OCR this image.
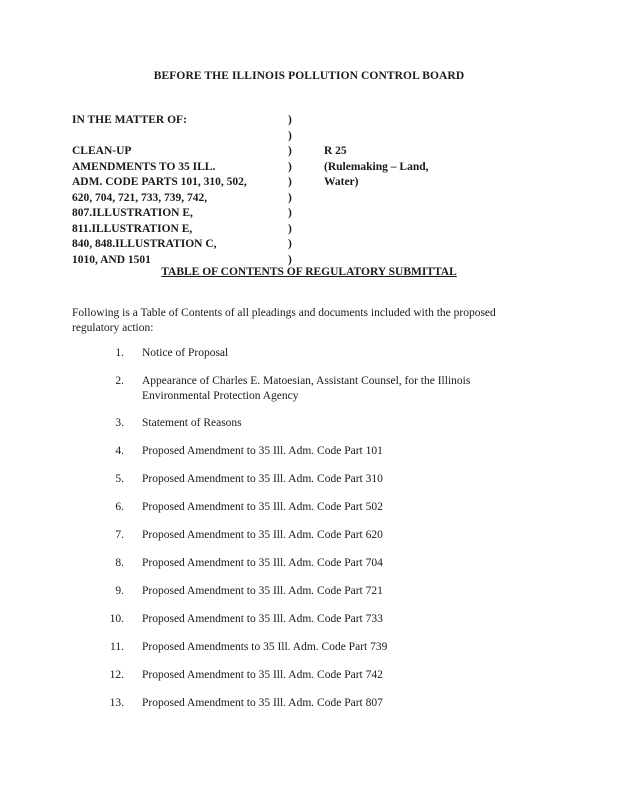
BEFORE THE ILLINOIS POLLUTION CONTROL BOARD
IN THE MATTER OF:	)
)
CLEAN-UP	)	R 25
AMENDMENTS TO 35 ILL.	)	(Rulemaking – Land,
ADM. CODE PARTS 101, 310, 502,	)	Water)
620, 704, 721, 733, 739, 742,	)
807.ILLUSTRATION E,	)
811.ILLUSTRATION E,	)
840, 848.ILLUSTRATION C,	)
1010, AND 1501	)
TABLE OF CONTENTS OF REGULATORY SUBMITTAL
Following is a Table of Contents of all pleadings and documents included with the proposed regulatory action:
1. Notice of Proposal
2. Appearance of Charles E. Matoesian, Assistant Counsel, for the Illinois Environmental Protection Agency
3. Statement of Reasons
4. Proposed Amendment to 35 Ill. Adm. Code Part 101
5. Proposed Amendment to 35 Ill. Adm. Code Part 310
6. Proposed Amendment to 35 Ill. Adm. Code Part 502
7. Proposed Amendment to 35 Ill. Adm. Code Part 620
8. Proposed Amendment to 35 Ill. Adm. Code Part 704
9. Proposed Amendment to 35 Ill. Adm. Code Part 721
10. Proposed Amendment to 35 Ill. Adm. Code Part 733
11. Proposed Amendments to 35 Ill. Adm. Code Part 739
12. Proposed Amendment to 35 Ill. Adm. Code Part 742
13. Proposed Amendment to 35 Ill. Adm. Code Part 807
